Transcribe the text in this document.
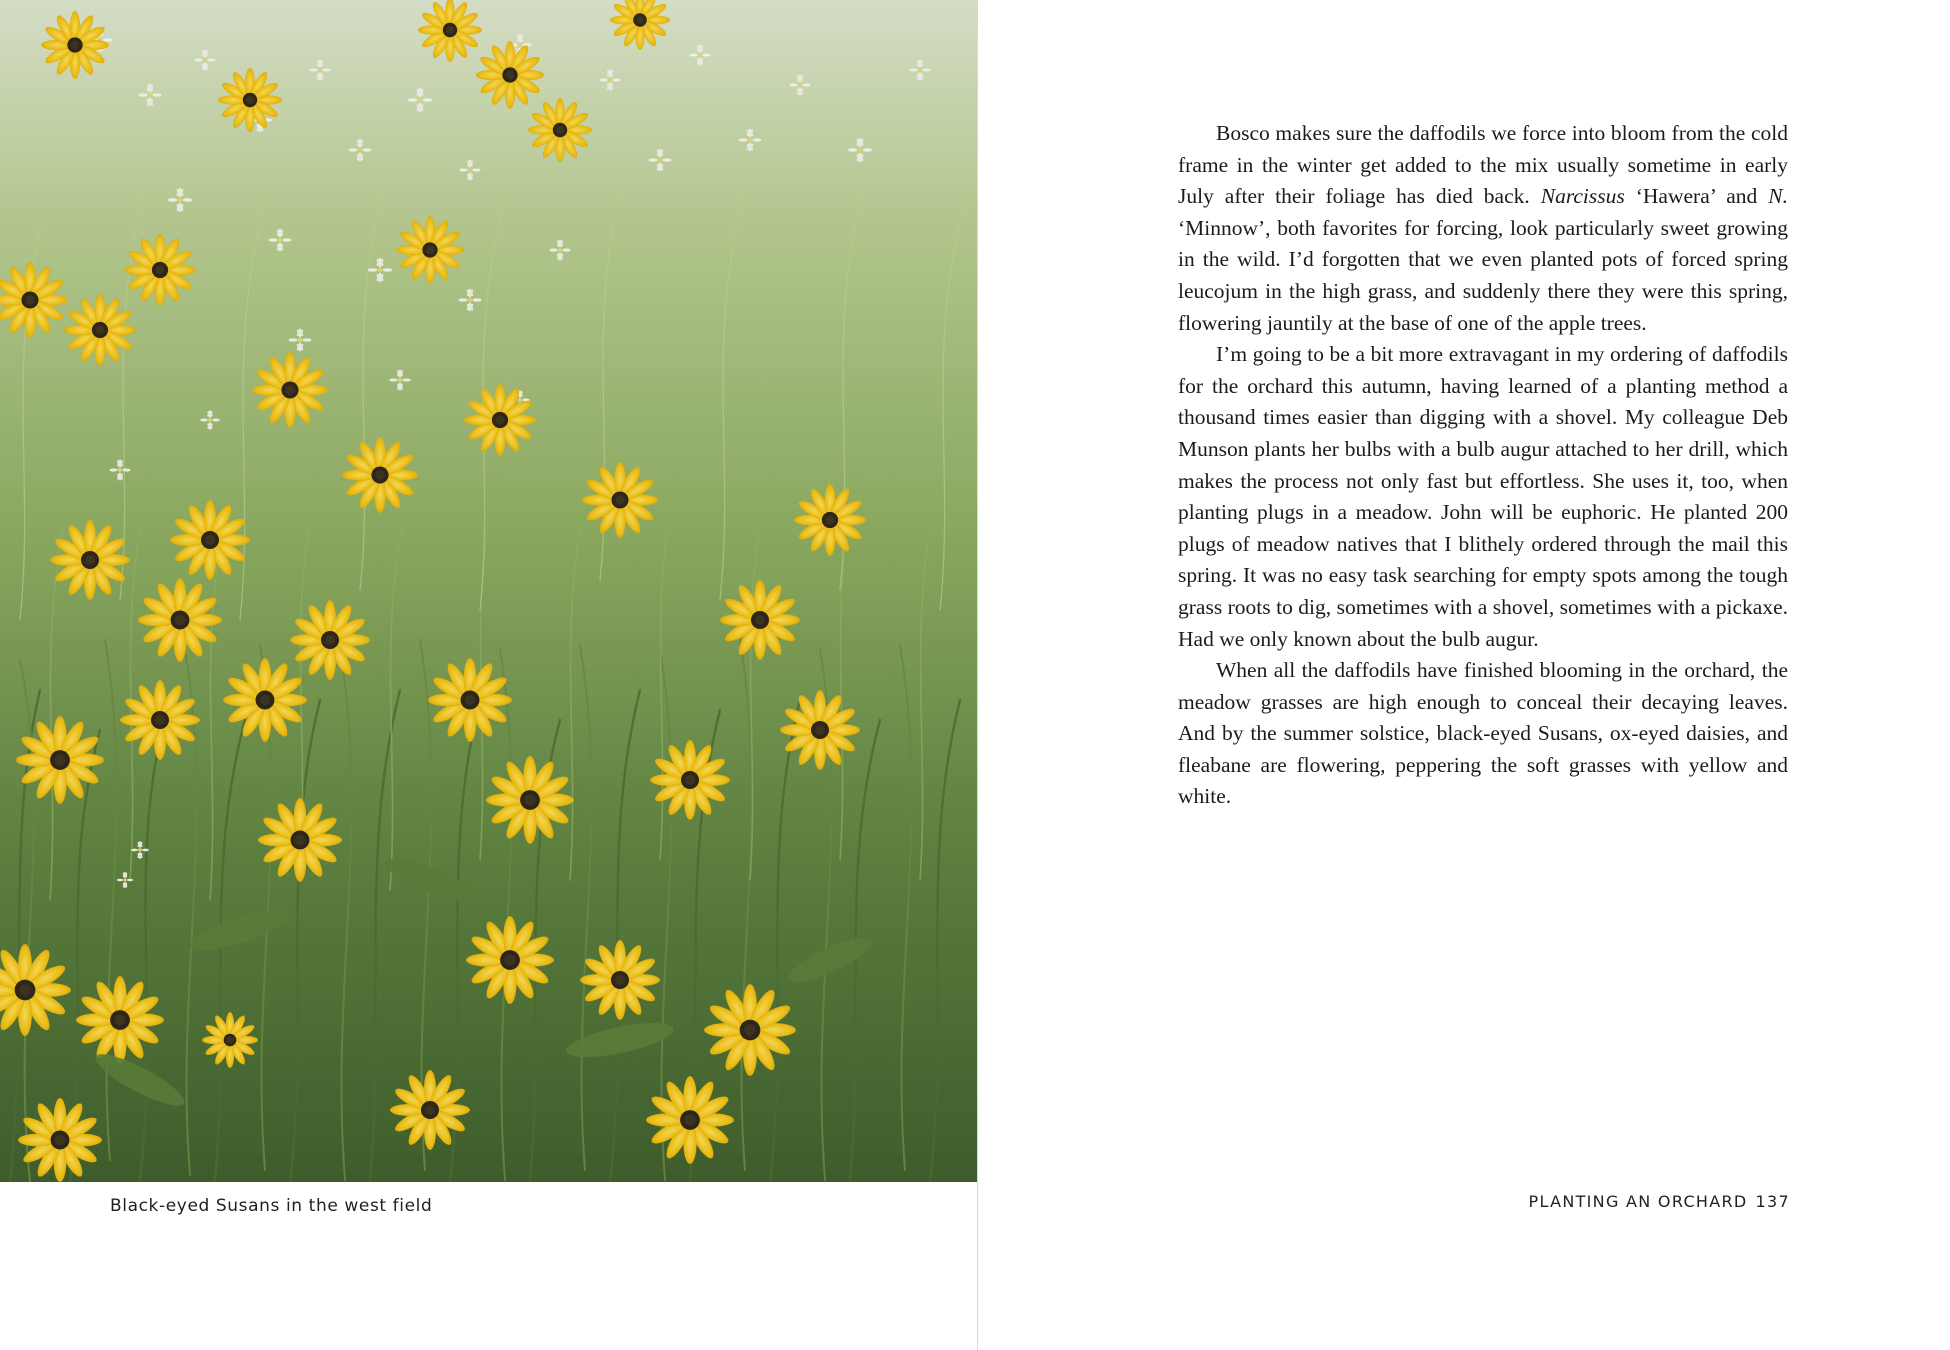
Black-eyed Susans in the west field

Bosco makes sure the daffodils we force into bloom from the cold frame in the winter get added to the mix usually sometime in early July after their foliage has died back. Narcissus ‘Hawera’ and N. ‘Minnow’, both favorites for forcing, look particularly sweet growing in the wild. I’d forgotten that we even planted pots of forced spring leucojum in the high grass, and suddenly there they were this spring, flowering jauntily at the base of one of the apple trees.

I’m going to be a bit more extravagant in my ordering of daffodils for the orchard this autumn, having learned of a planting method a thousand times easier than digging with a shovel. My colleague Deb Munson plants her bulbs with a bulb augur attached to her drill, which makes the process not only fast but effortless. She uses it, too, when planting plugs in a meadow. John will be euphoric. He planted 200 plugs of meadow natives that I blithely ordered through the mail this spring. It was no easy task searching for empty spots among the tough grass roots to dig, sometimes with a shovel, sometimes with a pickaxe. Had we only known about the bulb augur.

When all the daffodils have finished blooming in the orchard, the meadow grasses are high enough to conceal their decaying leaves. And by the summer solstice, black-eyed Susans, ox-eyed daisies, and fleabane are flowering, peppering the soft grasses with yellow and white.

PLANTING AN ORCHARD 137
